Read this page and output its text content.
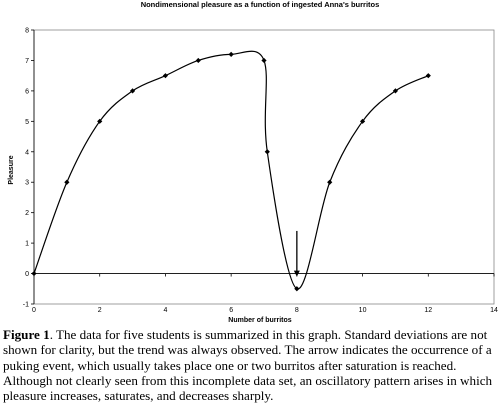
Nondimensional pleasure as a function of ingested Anna's burritos
-1
0
1
2
3
4
5
6
7
8
0	2	4	6	8	10	12	14
Number of burritos
Pleasure
Figure 1. The data for five students is summarized in this graph. Standard deviations are not shown for clarity, but the trend was always observed. The arrow indicates the occurrence of a puking event, which usually takes place one or two burritos after saturation is reached. Although not clearly seen from this incomplete data set, an oscillatory pattern arises in which pleasure increases, saturates, and decreases sharply.
